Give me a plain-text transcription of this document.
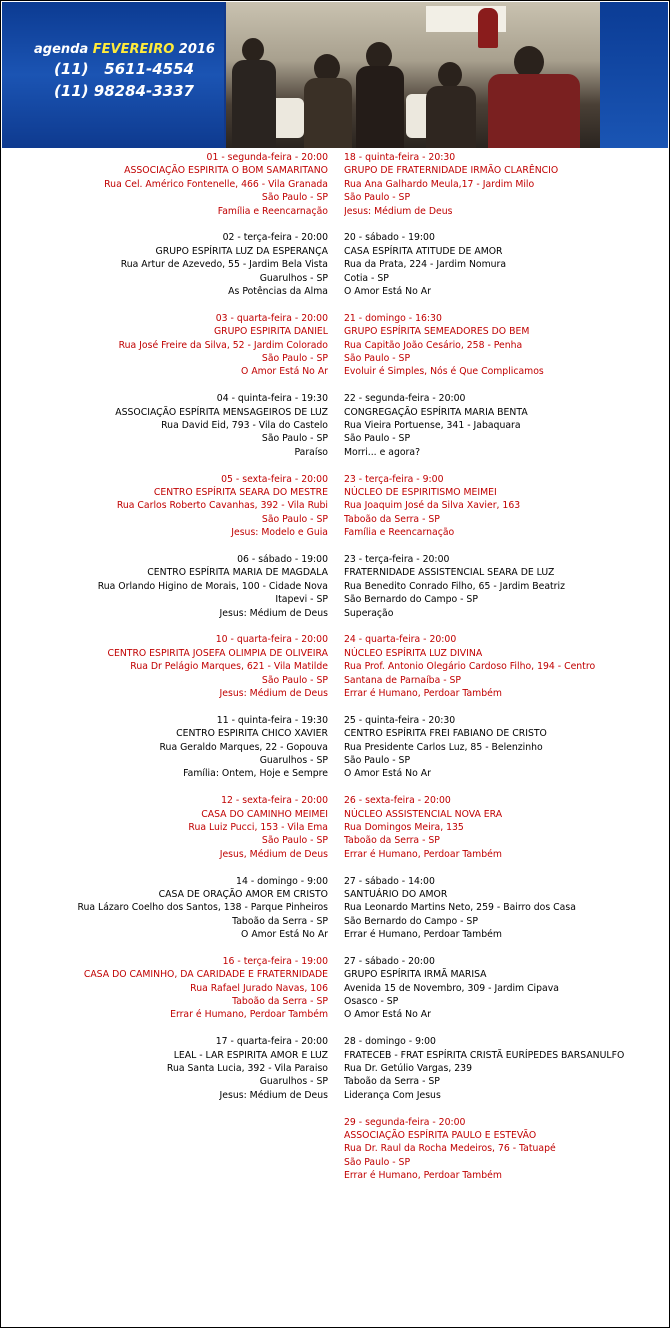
agenda FEVEREIRO 2016
(11)   5611-4554
(11) 98284-3337
01 - segunda-feira - 20:00
ASSOCIAÇÃO ESPIRITA O BOM SAMARITANO
Rua Cel. Américo Fontenelle, 466 - Vila Granada
São Paulo - SP
Família e Reencarnação
02 - terça-feira - 20:00
GRUPO ESPÍRITA LUZ DA ESPERANÇA
Rua Artur de Azevedo, 55 - Jardim Bela Vista
Guarulhos - SP
As Potências da Alma
03 - quarta-feira - 20:00
GRUPO ESPIRITA DANIEL
Rua José Freire da Silva, 52 - Jardim Colorado
São Paulo - SP
O Amor Está No Ar
04 - quinta-feira - 19:30
ASSOCIAÇÃO ESPÍRITA MENSAGEIROS DE LUZ
Rua David Eid, 793 - Vila do Castelo
São Paulo - SP
Paraíso
05 - sexta-feira - 20:00
CENTRO ESPÍRITA SEARA DO MESTRE
Rua Carlos Roberto Cavanhas, 392 - Vila Rubi
São Paulo - SP
Jesus: Modelo e Guia
06 - sábado - 19:00
CENTRO ESPÍRITA MARIA DE MAGDALA
Rua Orlando Higino de Morais, 100 - Cidade Nova
Itapevi - SP
Jesus: Médium de Deus
10 - quarta-feira - 20:00
CENTRO ESPIRITA JOSEFA OLIMPIA DE OLIVEIRA
Rua Dr Pelágio Marques, 621 - Vila Matilde
São Paulo - SP
Jesus: Médium de Deus
11 - quinta-feira - 19:30
CENTRO ESPIRITA CHICO XAVIER
Rua Geraldo Marques, 22 - Gopouva
Guarulhos - SP
Família: Ontem, Hoje e Sempre
12 - sexta-feira - 20:00
CASA DO CAMINHO MEIMEI
Rua Luiz Pucci, 153 - Vila Ema
São Paulo - SP
Jesus, Médium de Deus
14 - domingo - 9:00
CASA DE ORAÇÃO AMOR EM CRISTO
Rua Lázaro Coelho dos Santos, 138 - Parque Pinheiros
Taboão da Serra - SP
O Amor Está No Ar
16 - terça-feira - 19:00
CASA DO CAMINHO, DA CARIDADE E FRATERNIDADE
Rua Rafael Jurado Navas, 106
Taboão da Serra - SP
Errar é Humano, Perdoar Também
17 - quarta-feira - 20:00
LEAL - LAR ESPIRITA AMOR E LUZ
Rua Santa Lucia, 392 - Vila Paraiso
Guarulhos - SP
Jesus: Médium de Deus
18 - quinta-feira - 20:30
GRUPO DE FRATERNIDADE IRMÃO CLARÊNCIO
Rua Ana Galhardo Meula,17 - Jardim Milo
São Paulo - SP
Jesus: Médium de Deus
20 - sábado - 19:00
CASA ESPÍRITA ATITUDE DE AMOR
Rua da Prata, 224 - Jardim Nomura
Cotia - SP
O Amor Está No Ar
21 - domingo - 16:30
GRUPO ESPÍRITA SEMEADORES DO BEM
Rua Capitão João Cesário, 258 - Penha
São Paulo - SP
Evoluir é Simples, Nós é Que Complicamos
22 - segunda-feira - 20:00
CONGREGAÇÃO ESPÍRITA MARIA BENTA
Rua Vieira Portuense, 341 - Jabaquara
São Paulo - SP
Morri... e agora?
23 - terça-feira - 9:00
NÚCLEO DE ESPIRITISMO MEIMEI
Rua Joaquim José da Silva Xavier, 163
Taboão da Serra - SP
Família e Reencarnação
23 - terça-feira - 20:00
FRATERNIDADE ASSISTENCIAL SEARA DE LUZ
Rua Benedito Conrado Filho, 65 - Jardim Beatriz
São Bernardo do Campo - SP
Superação
24 - quarta-feira - 20:00
NÚCLEO ESPÍRITA LUZ DIVINA
Rua Prof. Antonio Olegário Cardoso Filho, 194 - Centro
Santana de Parnaíba - SP
Errar é Humano, Perdoar Também
25 - quinta-feira - 20:30
CENTRO ESPÍRITA FREI FABIANO DE CRISTO
Rua Presidente Carlos Luz, 85 - Belenzinho
São Paulo - SP
O Amor Está No Ar
26 - sexta-feira - 20:00
NÚCLEO ASSISTENCIAL NOVA ERA
Rua Domingos Meira, 135
Taboão da Serra - SP
Errar é Humano, Perdoar Também
27 - sábado - 14:00
SANTUÁRIO DO AMOR
Rua Leonardo Martins Neto, 259 - Bairro dos Casa
São Bernardo do Campo - SP
Errar é Humano, Perdoar Também
27 - sábado - 20:00
GRUPO ESPÍRITA IRMÃ MARISA
Avenida 15 de Novembro, 309 - Jardim Cipava
Osasco - SP
O Amor Está No Ar
28 - domingo - 9:00
FRATECEB - FRAT ESPÍRITA CRISTÃ EURÍPEDES BARSANULFO
Rua Dr. Getúlio Vargas, 239
Taboão da Serra - SP
Liderança Com Jesus
29 - segunda-feira - 20:00
ASSOCIAÇÃO ESPÍRITA PAULO E ESTEVÃO
Rua Dr. Raul da Rocha Medeiros, 76 - Tatuapé
São Paulo - SP
Errar é Humano, Perdoar Também
